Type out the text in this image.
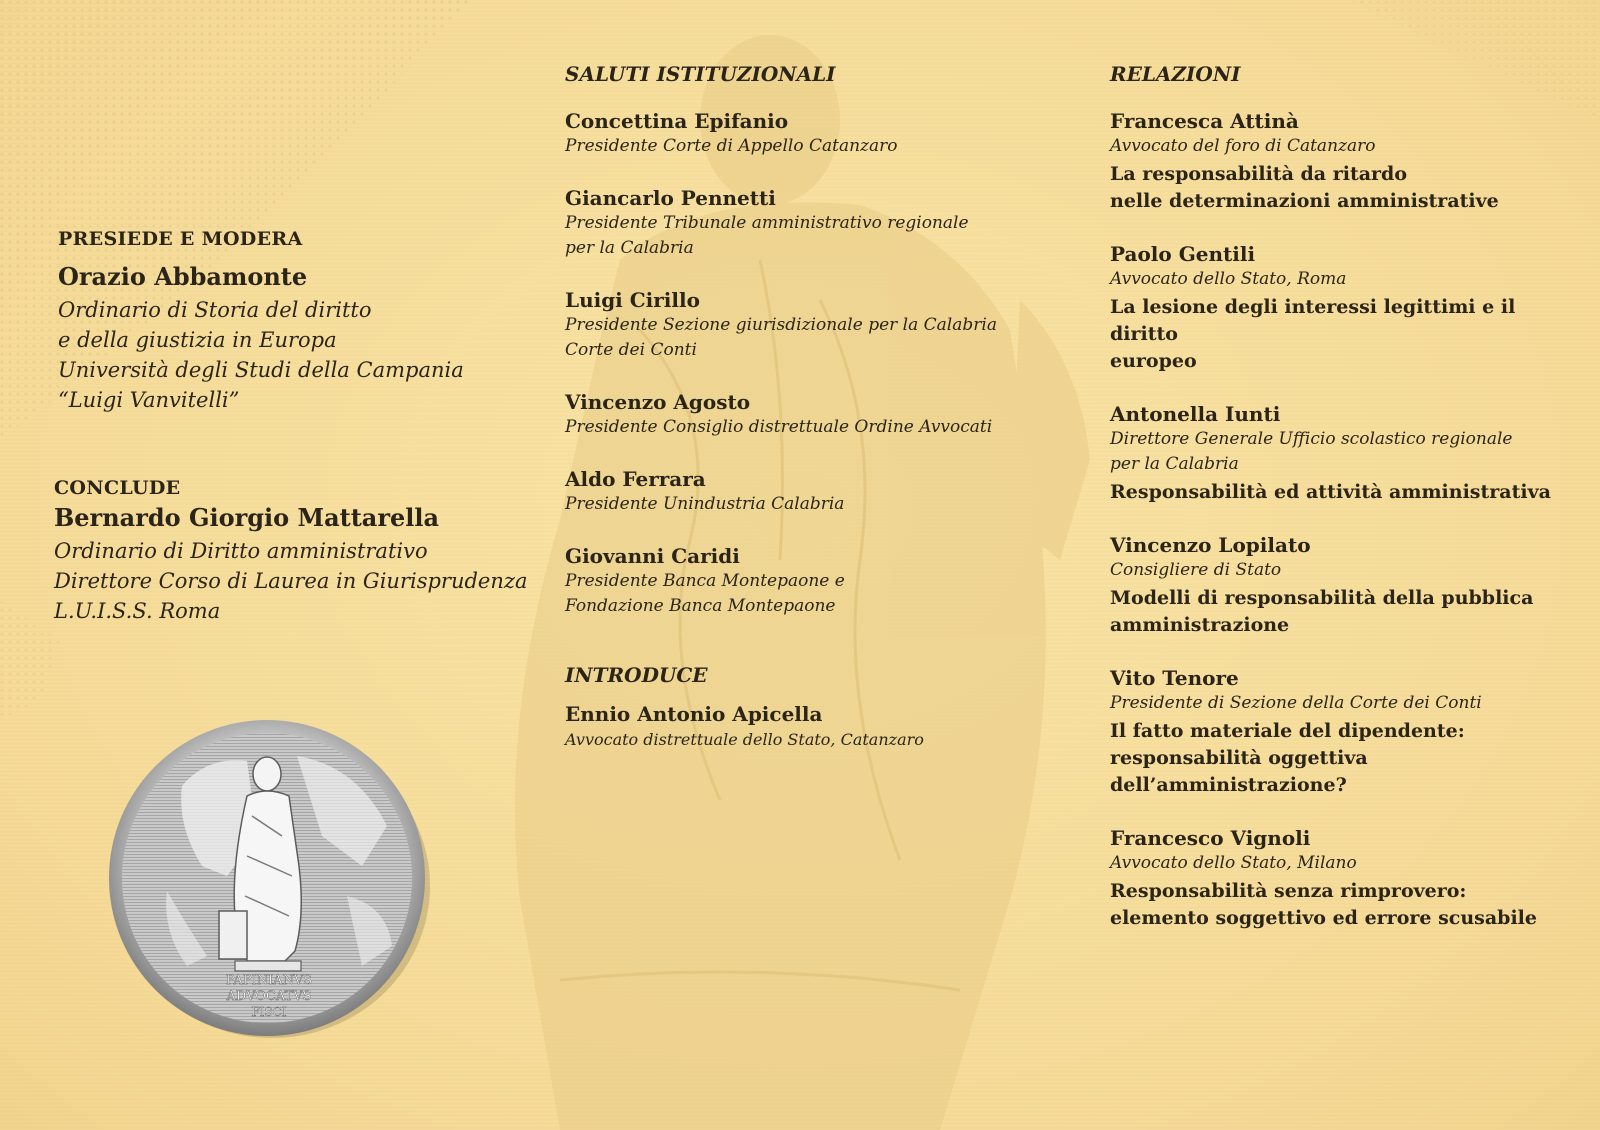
PRESIEDE E MODERA

Orazio Abbamonte

Ordinario di Storia del diritto

e della giustizia in Europa

Università degli Studi della Campania

“Luigi Vanvitelli”

CONCLUDE

Bernardo Giorgio Mattarella

Ordinario di Diritto amministrativo

Direttore Corso di Laurea in Giurisprudenza

L.U.I.S.S. Roma

PAPINIANVS
ADVOCATVS
FISCI

SALUTI ISTITUZIONALI

Concettina Epifanio

Presidente Corte di Appello Catanzaro

Giancarlo Pennetti

Presidente Tribunale amministrativo regionale

per la Calabria

Luigi Cirillo

Presidente Sezione giurisdizionale per la Calabria

Corte dei Conti

Vincenzo Agosto

Presidente Consiglio distrettuale Ordine Avvocati

Aldo Ferrara

Presidente Unindustria Calabria

Giovanni Caridi

Presidente Banca Montepaone e

Fondazione Banca Montepaone

INTRODUCE

Ennio Antonio Apicella

Avvocato distrettuale dello Stato, Catanzaro

RELAZIONI

Francesca Attinà

Avvocato del foro di Catanzaro

La responsabilità da ritardo

nelle determinazioni amministrative

Paolo Gentili

Avvocato dello Stato, Roma

La lesione degli interessi legittimi e il diritto

europeo

Antonella Iunti

Direttore Generale Ufficio scolastico regionale

per la Calabria

Responsabilità ed attività amministrativa

Vincenzo Lopilato

Consigliere di Stato

Modelli di responsabilità della pubblica

amministrazione

Vito Tenore

Presidente di Sezione della Corte dei Conti

Il fatto materiale del dipendente:

responsabilità oggettiva dell’amministrazione?

Francesco Vignoli

Avvocato dello Stato, Milano

Responsabilità senza rimprovero:

elemento soggettivo ed errore scusabile
